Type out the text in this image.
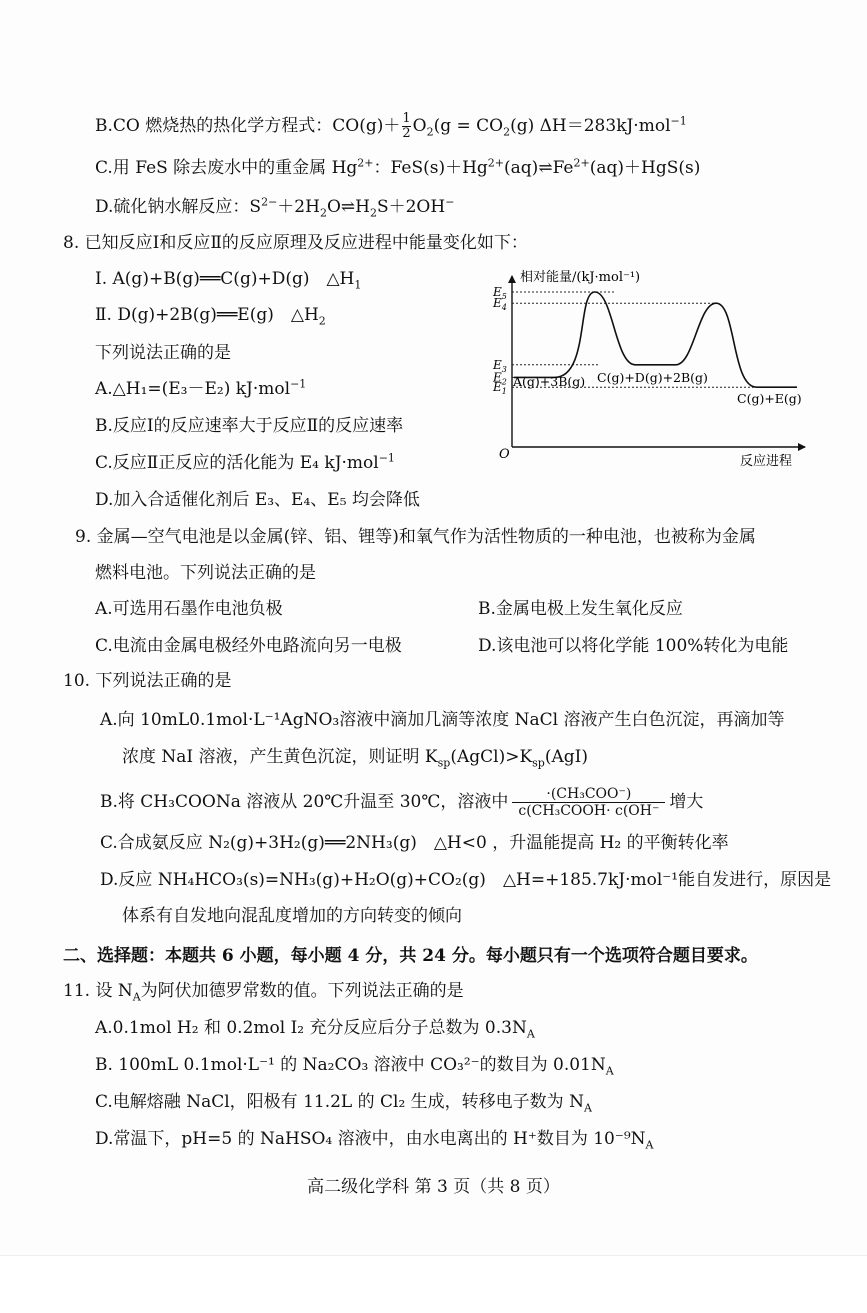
B.CO 燃烧热的热化学方程式：$CO(g)+ \frac{1}{2} O_2(g = CO_2(g)$ ΔH＝283kJ·mol$^{-1}$
C.用 FeS 除去废水中的重金属 $Hg^{2+}$：$FeS(s)+Hg^{2+}(aq)\rightleftharpoons Fe^{2+}(aq)+HgS(s)$
D.硫化钠水解反应：$S^{2-}+2H_2O\rightleftharpoons H_2S+2OH^-$
8. 已知反应Ⅰ和反应Ⅱ的反应原理及反应进程中能量变化如下：
Ⅰ. A(g)+B(g)══C(g)+D(g)　$\triangle H_1$
Ⅱ. D(g)+2B(g)══E(g)　$\triangle H_2$
下列说法正确的是
A.△H₁=(E₃－E₂) kJ·mol$^{-1}$
B.反应Ⅰ的反应速率大于反应Ⅱ的反应速率
C.反应Ⅱ正反应的活化能为 E₄ kJ·mol$^{-1}$
D.加入合适催化剂后 E₃、E₄、E₅ 均会降低
相对能量/(kJ·mol⁻¹)
反应进程
O
$E_5$
$E_4$
$E_3$
$E_2$
$E_1$
A(g)+3B(g) C(g)+D(g)+2B(g)
C(g)+E(g)
9. 金属—空气电池是以金属(锌、铝、锂等)和氧气作为活性物质的一种电池，也被称为金属
燃料电池。下列说法正确的是
A.可选用石墨作电池负极	B.金属电极上发生氧化反应
C.电流由金属电极经外电路流向另一电极	D.该电池可以将化学能 100%转化为电能
10. 下列说法正确的是
A.向 10mL0.1mol·L⁻¹AgNO₃溶液中滴加几滴等浓度 NaCl 溶液产生白色沉淀，再滴加等
浓度 NaI 溶液，产生黄色沉淀，则证明 $K_{sp}(AgCl)>K_{sp}(AgI)$
B.将 CH₃COONa 溶液从 20℃升温至 30℃，溶液中 $\frac{\text{·(CH₃COO⁻)}}{\text{c(CH₃COOH· c(OH⁻}}$ 增大
C.合成氨反应 N₂(g)+3H₂(g)══2NH₃(g)　△H<0 ，升温能提高 H₂ 的平衡转化率
D.反应 NH₄HCO₃(s)=NH₃(g)+H₂O(g)+CO₂(g)　△H=+185.7kJ·mol⁻¹能自发进行，原因是
体系有自发地向混乱度增加的方向转变的倾向
二、选择题：本题共 6 小题，每小题 4 分，共 24 分。每小题只有一个选项符合题目要求。
11. 设 $N_A$为阿伏加德罗常数的值。下列说法正确的是
A.0.1mol H₂ 和 0.2mol I₂ 充分反应后分子总数为 $0.3N_A$
B. 100mL 0.1mol·L⁻¹ 的 Na₂CO₃ 溶液中 CO₃²⁻的数目为 $0.01N_A$
C.电解熔融 NaCl，阳极有 11.2L 的 Cl₂ 生成，转移电子数为 $N_A$
D.常温下，pH=5 的 NaHSO₄ 溶液中，由水电离出的 H⁺数目为 $10^{-9}N_A$
高二级化学科 第 3 页（共 8 页）
